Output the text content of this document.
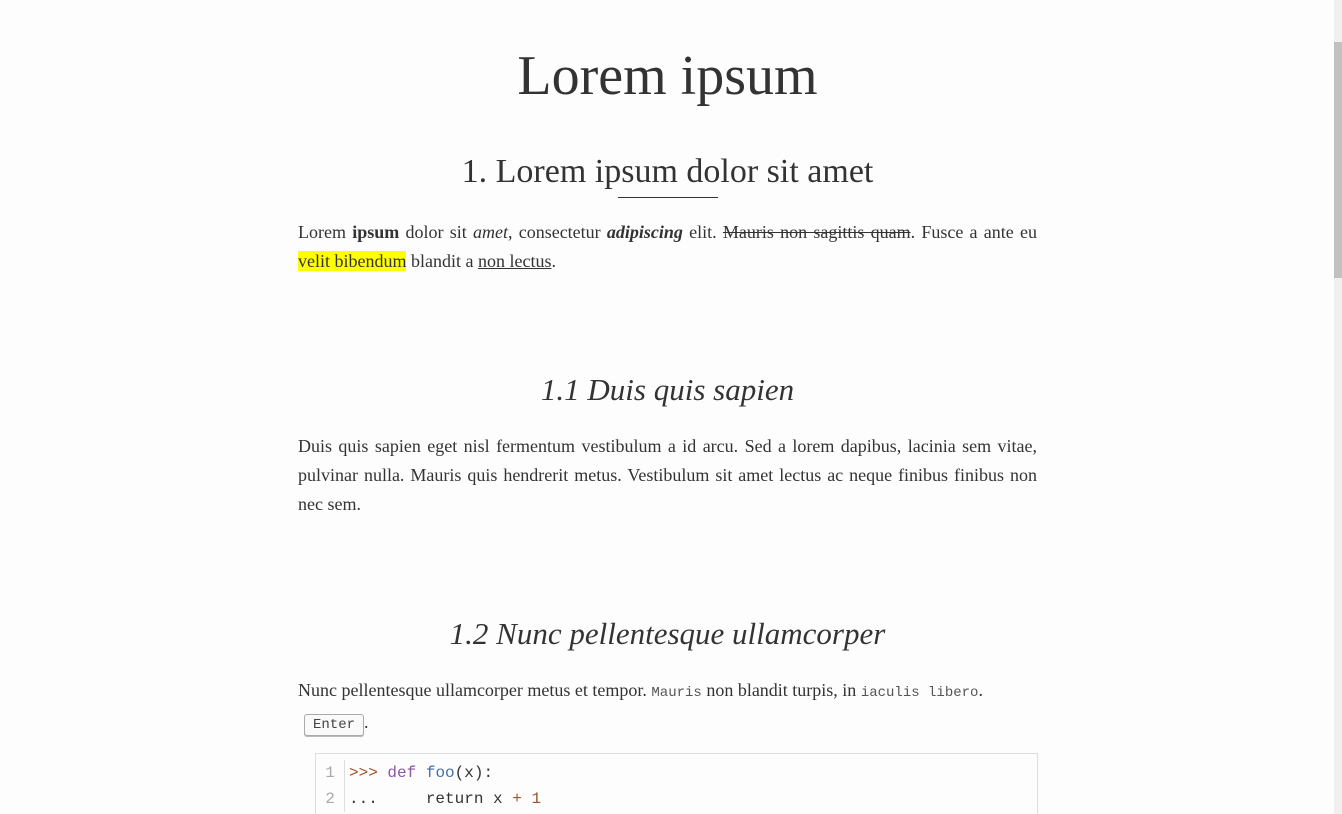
Lorem ipsum
1. Lorem ipsum dolor sit amet

Lorem ipsum dolor sit amet, consectetur adipiscing elit. Mauris non sagittis quam. Fusce a ante eu velit bibendum blandit a non lectus.

1.1 Duis quis sapien

Duis quis sapien eget nisl fermentum vestibulum a id arcu. Sed a lorem dapibus, lacinia sem vitae, pulvinar nulla. Mauris quis hendrerit metus. Vestibulum sit amet lectus ac neque finibus finibus non nec sem.

1.2 Nunc pellentesque ullamcorper

Nunc pellentesque ullamcorper metus et tempor. Mauris non blandit turpis, in iaculis libero.
Enter .

1 >>> def foo(x):
2 ...     return x + 1
